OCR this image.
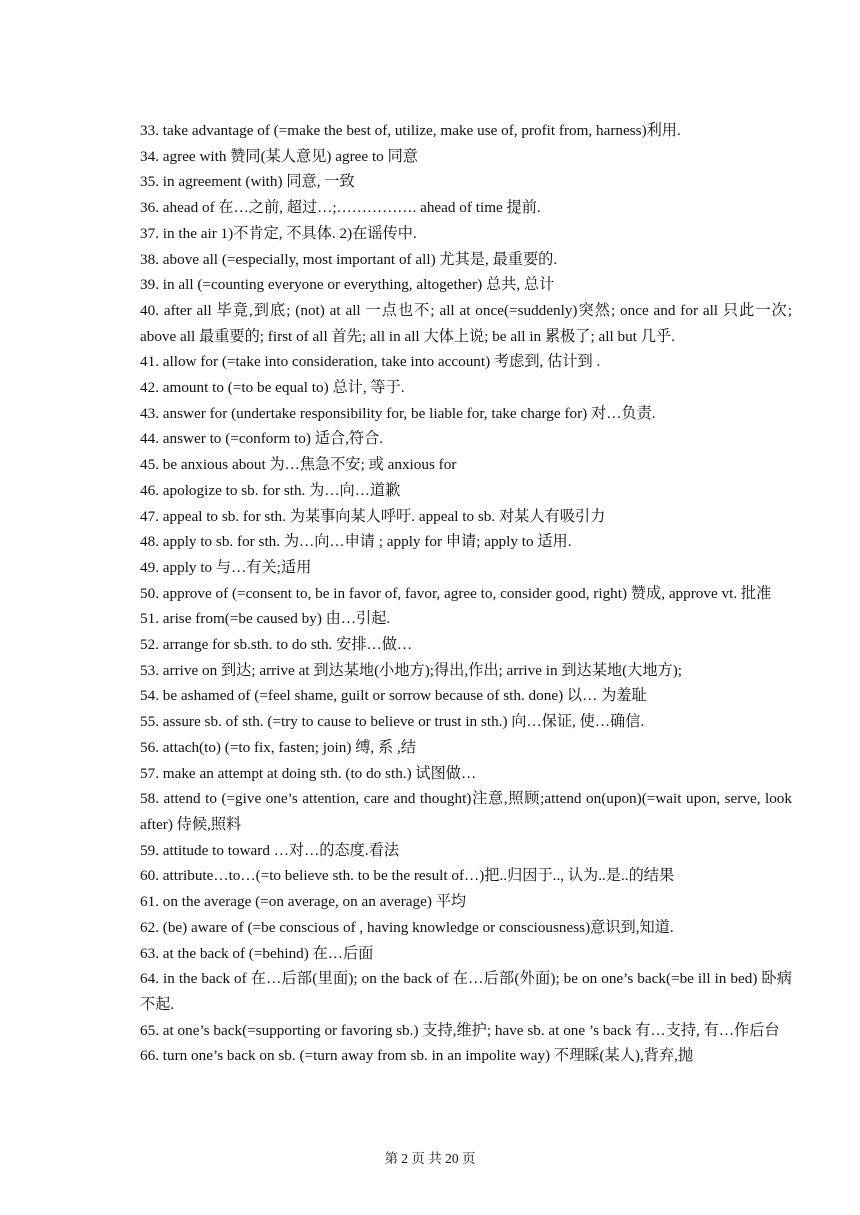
33. take advantage of (=make the best of, utilize, make use of, profit from, harness)利用.

34. agree with 赞同(某人意见) agree to 同意

35. in agreement (with) 同意, 一致

36. ahead of 在…之前, 超过…;……………. ahead of time 提前.

37. in the air 1)不肯定, 不具体. 2)在谣传中.

38. above all (=especially, most important of all) 尤其是, 最重要的.

39. in all (=counting everyone or everything, altogether) 总共, 总计

40. after all 毕竟,到底; (not) at all 一点也不; all at once(=suddenly)突然; once and for all 只此一次; above all 最重要的; first of all 首先; all in all 大体上说; be all in 累极了; all but 几乎.

41. allow for (=take into consideration, take into account) 考虑到, 估计到 .

42. amount to (=to be equal to) 总计, 等于.

43. answer for (undertake responsibility for, be liable for, take charge for) 对…负责.

44. answer to (=conform to) 适合,符合.

45. be anxious about 为…焦急不安; 或 anxious for

46. apologize to sb. for sth. 为…向…道歉

47. appeal to sb. for sth. 为某事向某人呼吁. appeal to sb. 对某人有吸引力

48. apply to sb. for sth. 为…向…申请 ; apply for 申请; apply to 适用.

49. apply to 与…有关;适用

50. approve of (=consent to, be in favor of, favor, agree to, consider good, right) 赞成, approve vt. 批准

51. arise from(=be caused by) 由…引起.

52. arrange for sb.sth. to do sth. 安排…做…

53. arrive on 到达; arrive at 到达某地(小地方);得出,作出; arrive in 到达某地(大地方);

54. be ashamed of (=feel shame, guilt or sorrow because of sth. done) 以… 为羞耻

55. assure sb. of sth. (=try to cause to believe or trust in sth.) 向…保证, 使…确信.

56. attach(to) (=to fix, fasten; join) 缚, 系 ,结

57. make an attempt at doing sth. (to do sth.) 试图做…

58. attend to (=give one’s attention, care and thought)注意,照顾;attend on(upon)(=wait upon, serve, look after) 侍候,照料

59. attitude to toward …对…的态度.看法

60. attribute…to…(=to believe sth. to be the result of…)把..归因于.., 认为..是..的结果

61. on the average (=on average, on an average) 平均

62. (be) aware of (=be conscious of , having knowledge or consciousness)意识到,知道.

63. at the back of (=behind) 在…后面

64. in the back of 在…后部(里面); on the back of 在…后部(外面); be on one’s back(=be ill in bed) 卧病不起.

65. at one’s back(=supporting or favoring sb.) 支持,维护; have sb. at one ’s back 有…支持, 有…作后台

66. turn one’s back on sb. (=turn away from sb. in an impolite way) 不理睬(某人),背弃,抛

第 2 页 共 20 页
